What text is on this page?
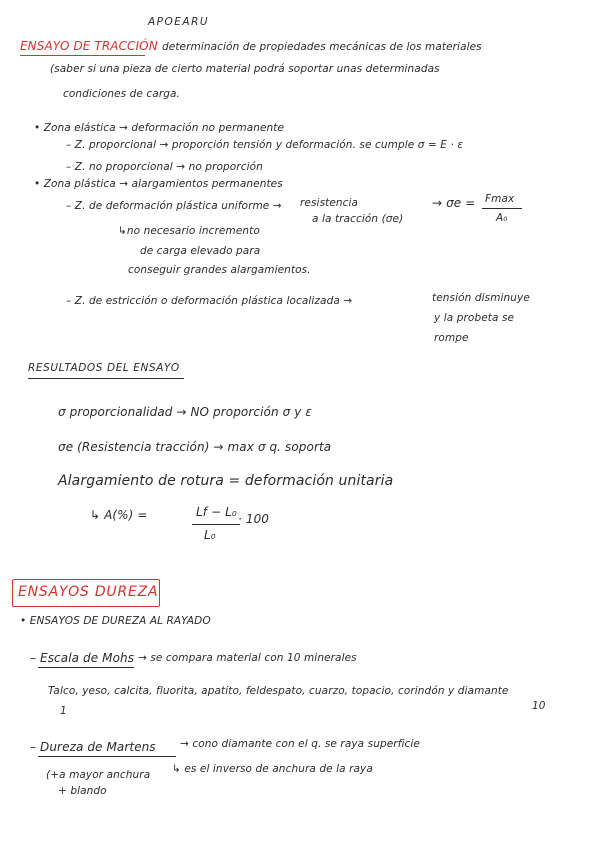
APOEARU
ENSAYO DE TRACCIÓN determinación de propiedades mecánicas de los materiales
(saber si una pieza de cierto material podrá soportar unas determinadas
condiciones de carga.
• Zona elástica → deformación no permanente
– Z. proporcional → proporción tensión y deformación. se cumple σ = E · ε
– Z. no proporcional → no proporción
• Zona plástica → alargamientos permanentes
– Z. de deformación plástica uniforme → resistencia
a la tracción (σe)
→ σe = Fmax
A₀
↳no necesario incremento
de carga elevado para
conseguir grandes alargamientos.
– Z. de estricción o deformación plástica localizada →	tensión disminuye
y la probeta se
rompe
RESULTADOS DEL ENSAYO
σ proporcionalidad → NO proporción σ y ε
σe (Resistencia tracción) → max σ q. soporta
Alargamiento de rotura = deformación unitaria
↳ A(%) =	Lf − L₀
L₀
· 100
ENSAYOS DUREZA
• ENSAYOS DE DUREZA AL RAYADO
– Escala de Mohs → se compara material con 10 minerales
Talco, yeso, calcita, fluorita, apatito, feldespato, cuarzo, topacio, corindón y diamante
1	10
– Dureza de Martens → cono diamante con el q. se raya superficie
(+a mayor anchura
+ blando
↳ es el inverso de anchura de la raya
